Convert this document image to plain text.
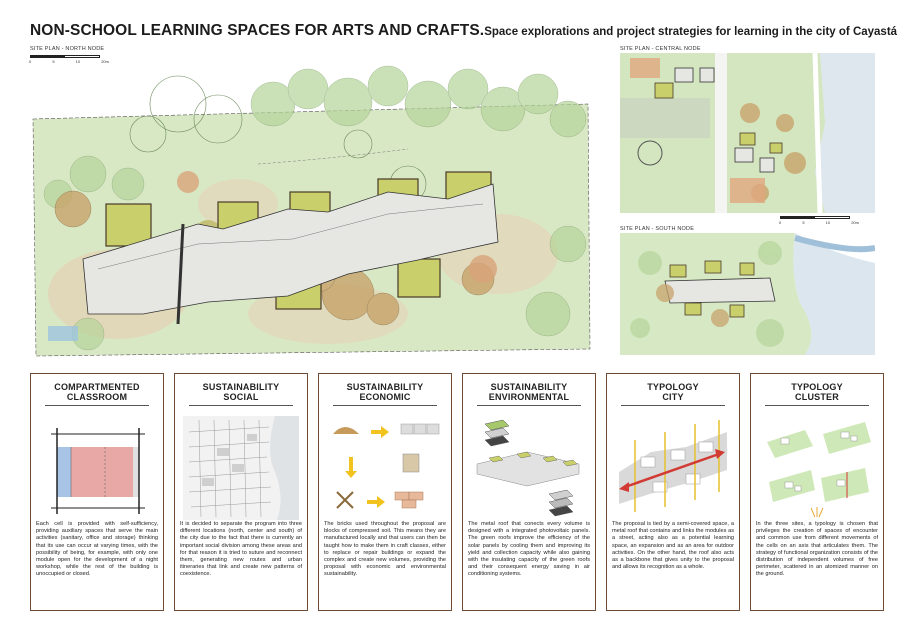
NON-SCHOOL LEARNING SPACES FOR ARTS AND CRAFTS.Space explorations and project strategies for learning in the city of Cayastá
SITE PLAN - NORTH NODE
0	5	10	20m
SITE PLAN - CENTRAL NODE
0	5	10	20m
SITE PLAN - SOUTH NODE
COMPARTMENTED
CLASSROOM

Each cell is provided with self-sufficiency, providing auxiliary spaces that serve the main activities (sanitary, office and storage) thinking that its use can occur at varying times, with the possibility of being, for example, with only one module open for the development of a night workshop, while the rest of the building is unoccupied or closed.

SUSTAINABILITY
SOCIAL

It is decided to separate the program into three different locations (north, center and south) of the city due to the fact that there is currently an important social division among these areas and for that reason it is tried to suture and reconnect them, generating new routes and urban itineraries that link and create new patterns of coexistence.

SUSTAINABILITY
ECONOMIC

The bricks used throughout the proposal are blocks of compressed soil. This means they are manufactured locally and that users can then be taught how to make them in craft classes, either to replace or repair buildings or expand the complex and create new volumes, providing the proposal with economic and environmental sustainability.

SUSTAINABILITY
ENVIRONMENTAL

The metal roof that conects every volume is designed with a integrated photovoltaic panels. The green roofs improve the efficiency of the solar panels by cooling them and improving its yield and collection capacity while also gaining with the insulating capacity of the green roofs and their consequent energy saving in air conditioning systems.

TYPOLOGY
CITY

The proposal is tied by a semi-covered space, a metal roof that contains and links the modules as a street, acting also as a potential learning space, an expansion and as an area for outdoor activities. On the other hand, the roof also acts as a backbone that gives unity to the proposal and allows its recognition as a whole.

TYPOLOGY
CLUSTER

In the three sites, a typology is chosen that privileges the creation of spaces of encounter and common use from different movements of the cells on an axis that articulates them. The strategy of functional organization consists of the distribution of independent volumes of free perimeter, scattered in an atomized manner on the ground.
